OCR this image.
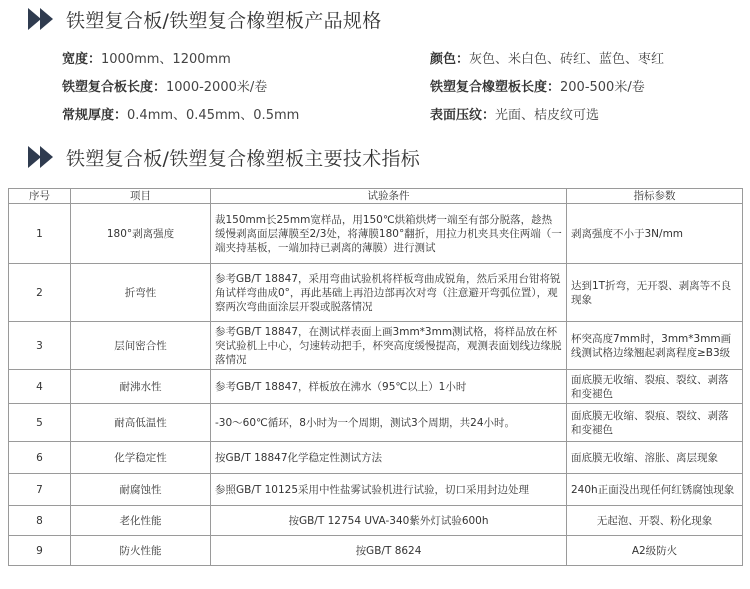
铁塑复合板/铁塑复合橡塑板产品规格
宽度：1000mm、1200mm	颜色：灰色、米白色、砖红、蓝色、枣红
铁塑复合板长度：1000-2000米/卷	铁塑复合橡塑板长度：200-500米/卷
常规厚度：0.4mm、0.45mm、0.5mm	表面压纹：光面、桔皮纹可选
铁塑复合板/铁塑复合橡塑板主要技术指标
序号	项目	试验条件	指标参数
1	180°剥离强度	裁150mm长25mm宽样品，用150℃烘箱烘烤一端至有部分脱落，趁热缓慢剥离面层薄膜至2/3处，将薄膜180°翻折，用拉力机夹具夹住两端（一端夹持基板，一端加持已剥离的薄膜）进行测试	剥离强度不小于3N/mm
2	折弯性	参考GB/T 18847，采用弯曲试验机将样板弯曲成锐角，然后采用台钳将锐角试样弯曲成0°，再此基础上再沿边部再次对弯（注意避开弯弧位置），观察两次弯曲面涂层开裂或脱落情况	达到1T折弯，无开裂、剥离等不良现象
3	层间密合性	参考GB/T 18847，在测试样表面上画3mm*3mm测试格，将样品放在杯突试验机上中心，匀速转动把手，杯突高度缓慢提高，观测表面划线边缘脱落情况	杯突高度7mm时，3mm*3mm画线测试格边缘翘起剥离程度≥B3级
4	耐沸水性	参考GB/T 18847，样板放在沸水（95℃以上）1小时	面底膜无收缩、裂痕、裂纹、剥落和变褪色
5	耐高低温性	-30～60℃循环，8小时为一个周期，测试3个周期，共24小时。	面底膜无收缩、裂痕、裂纹、剥落和变褪色
6	化学稳定性	按GB/T 18847化学稳定性测试方法	面底膜无收缩、溶胀、离层现象
7	耐腐蚀性	参照GB/T 10125采用中性盐雾试验机进行试验，切口采用封边处理	240h正面没出现任何红锈腐蚀现象
8	老化性能	按GB/T 12754 UVA-340紫外灯试验600h	无起泡、开裂、粉化现象
9	防火性能	按GB/T 8624	A2级防火
